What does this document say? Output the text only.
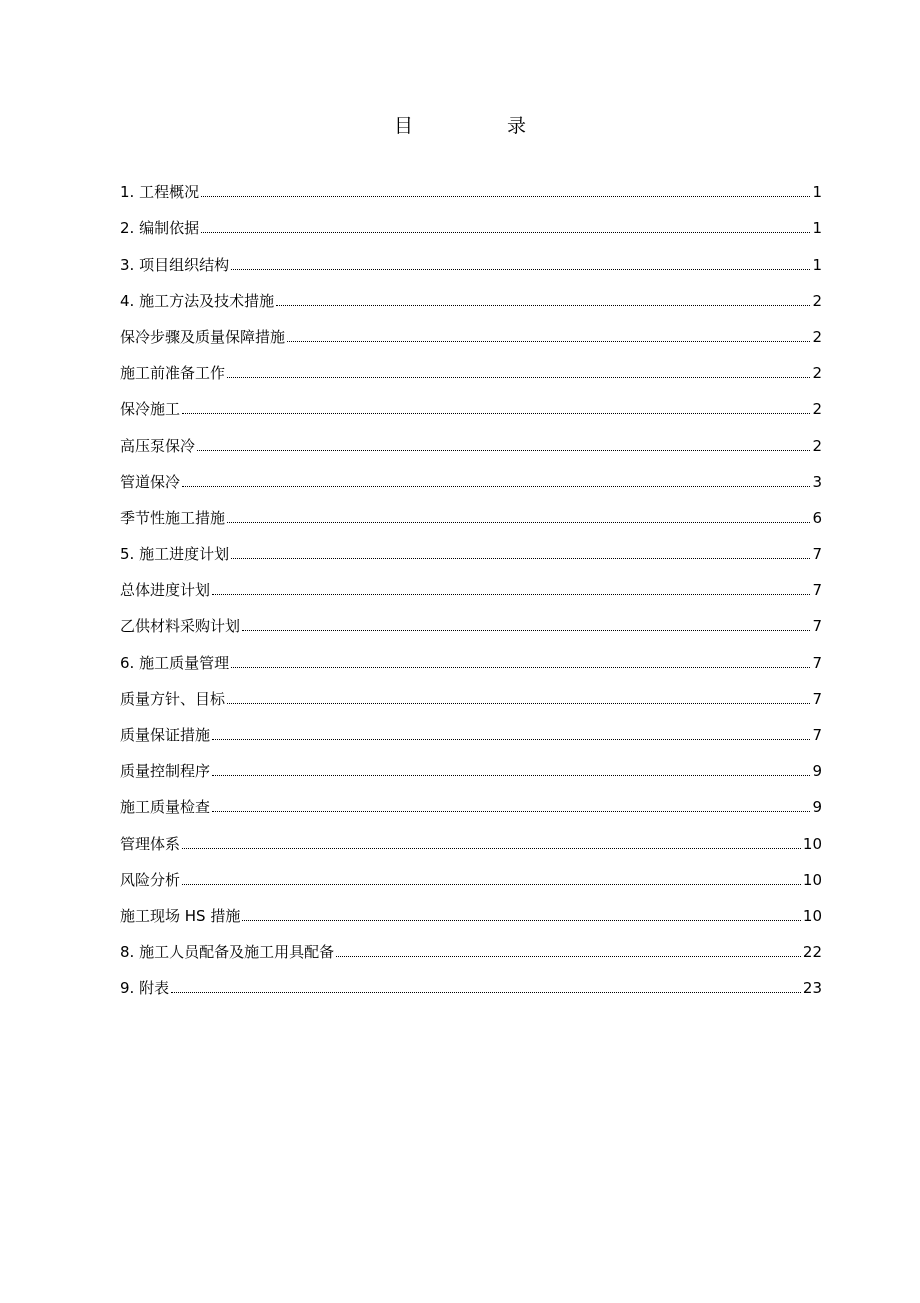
目 录
1. 工程概况	1
2. 编制依据	1
3. 项目组织结构	1
4. 施工方法及技术措施	2
保冷步骤及质量保障措施	2
施工前准备工作	2
保冷施工	2
高压泵保冷	2
管道保冷	3
季节性施工措施	6
5. 施工进度计划	7
总体进度计划	7
乙供材料采购计划	7
6. 施工质量管理	7
质量方针、目标	7
质量保证措施	7
质量控制程序	9
施工质量检查	9
管理体系	10
风险分析	10
施工现场 HS 措施	10
8. 施工人员配备及施工用具配备	22
9. 附表	23
